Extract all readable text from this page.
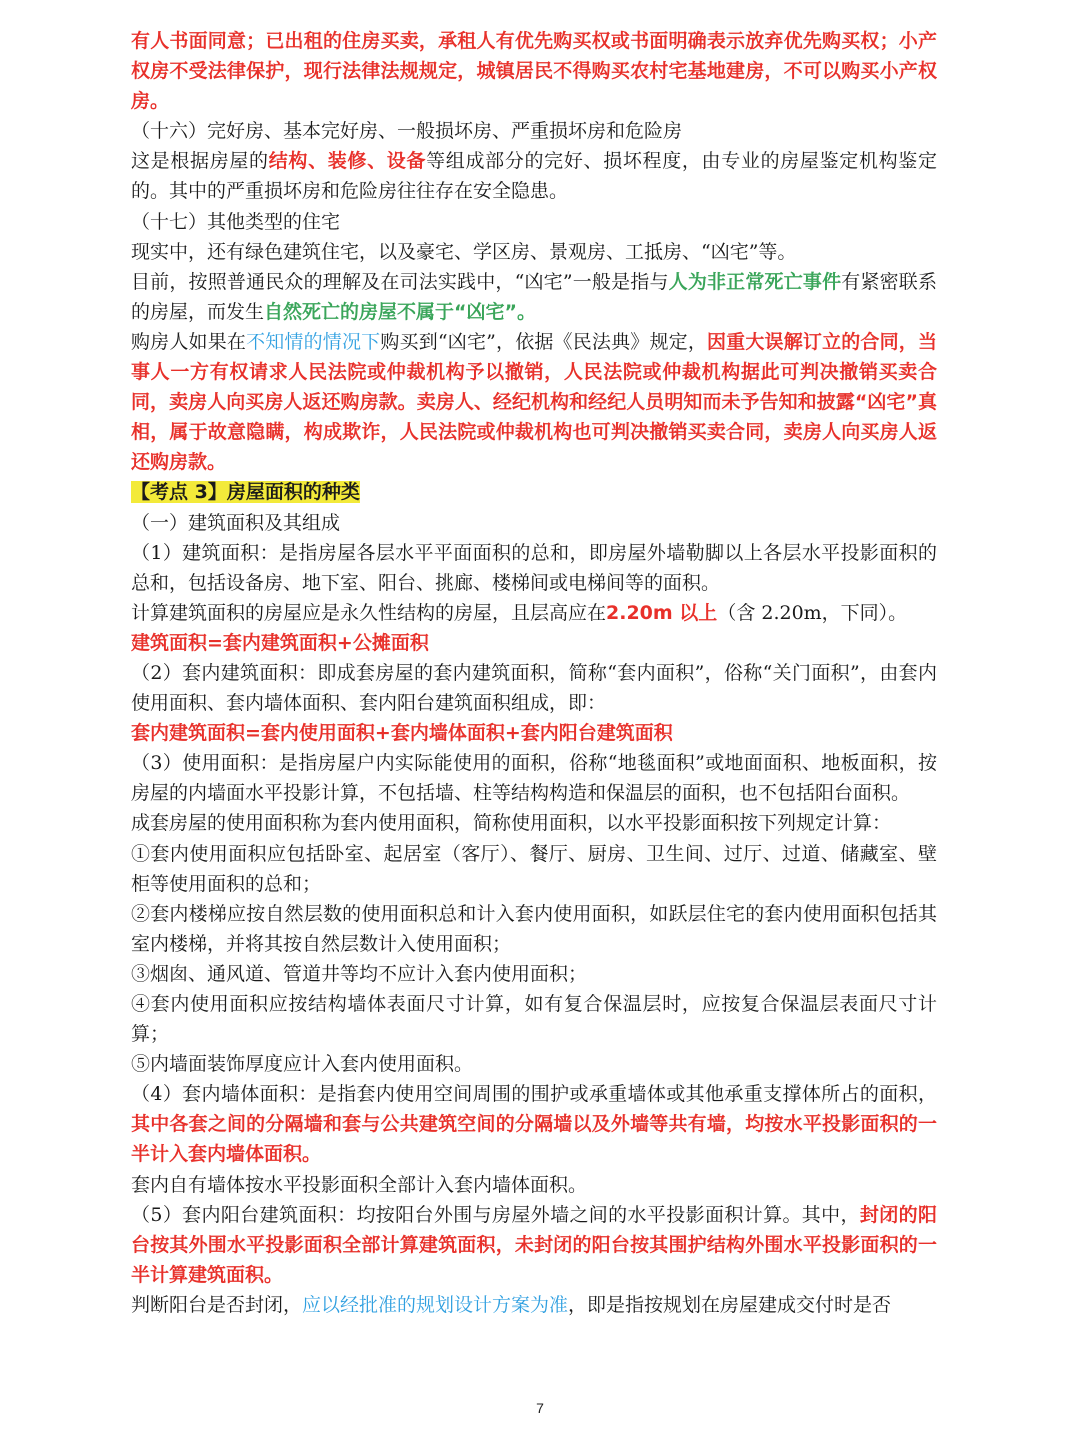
有人书面同意；已出租的住房买卖，承租人有优先购买权或书面明确表示放弃优先购买权；小产权房不受法律保护，现行法律法规规定，城镇居民不得购买农村宅基地建房，不可以购买小产权房。

（十六）完好房、基本完好房、一般损坏房、严重损坏房和危险房

这是根据房屋的结构、装修、设备等组成部分的完好、损坏程度，由专业的房屋鉴定机构鉴定的。其中的严重损坏房和危险房往往存在安全隐患。

（十七）其他类型的住宅

现实中，还有绿色建筑住宅，以及豪宅、学区房、景观房、工抵房、“凶宅”等。

目前，按照普通民众的理解及在司法实践中，“凶宅”一般是指与人为非正常死亡事件有紧密联系的房屋，而发生自然死亡的房屋不属于“凶宅”。

购房人如果在不知情的情况下购买到“凶宅”，依据《民法典》规定，因重大误解订立的合同，当事人一方有权请求人民法院或仲裁机构予以撤销，人民法院或仲裁机构据此可判决撤销买卖合同，卖房人向买房人返还购房款。卖房人、经纪机构和经纪人员明知而未予告知和披露“凶宅”真相，属于故意隐瞒，构成欺诈，人民法院或仲裁机构也可判决撤销买卖合同，卖房人向买房人返还购房款。

【考点 3】房屋面积的种类

（一）建筑面积及其组成

（1）建筑面积：是指房屋各层水平平面面积的总和，即房屋外墙勒脚以上各层水平投影面积的总和，包括设备房、地下室、阳台、挑廊、楼梯间或电梯间等的面积。

计算建筑面积的房屋应是永久性结构的房屋，且层高应在2.20m 以上（含 2.20m，下同）。

建筑面积=套内建筑面积+公摊面积

（2）套内建筑面积：即成套房屋的套内建筑面积，简称“套内面积”，俗称“关门面积”，由套内使用面积、套内墙体面积、套内阳台建筑面积组成，即：

套内建筑面积=套内使用面积+套内墙体面积+套内阳台建筑面积

（3）使用面积：是指房屋户内实际能使用的面积，俗称“地毯面积”或地面面积、地板面积，按房屋的内墙面水平投影计算，不包括墙、柱等结构构造和保温层的面积，也不包括阳台面积。

成套房屋的使用面积称为套内使用面积，简称使用面积，以水平投影面积按下列规定计算：

①套内使用面积应包括卧室、起居室（客厅）、餐厅、厨房、卫生间、过厅、过道、储藏室、壁柜等使用面积的总和；

②套内楼梯应按自然层数的使用面积总和计入套内使用面积，如跃层住宅的套内使用面积包括其室内楼梯，并将其按自然层数计入使用面积；

③烟囱、通风道、管道井等均不应计入套内使用面积；

④套内使用面积应按结构墙体表面尺寸计算，如有复合保温层时，应按复合保温层表面尺寸计算；

⑤内墙面装饰厚度应计入套内使用面积。

（4）套内墙体面积：是指套内使用空间周围的围护或承重墙体或其他承重支撑体所占的面积，其中各套之间的分隔墙和套与公共建筑空间的分隔墙以及外墙等共有墙，均按水平投影面积的一半计入套内墙体面积。

套内自有墙体按水平投影面积全部计入套内墙体面积。

（5）套内阳台建筑面积：均按阳台外围与房屋外墙之间的水平投影面积计算。其中，封闭的阳台按其外围水平投影面积全部计算建筑面积，未封闭的阳台按其围护结构外围水平投影面积的一半计算建筑面积。

判断阳台是否封闭，应以经批准的规划设计方案为准，即是指按规划在房屋建成交付时是否

7
